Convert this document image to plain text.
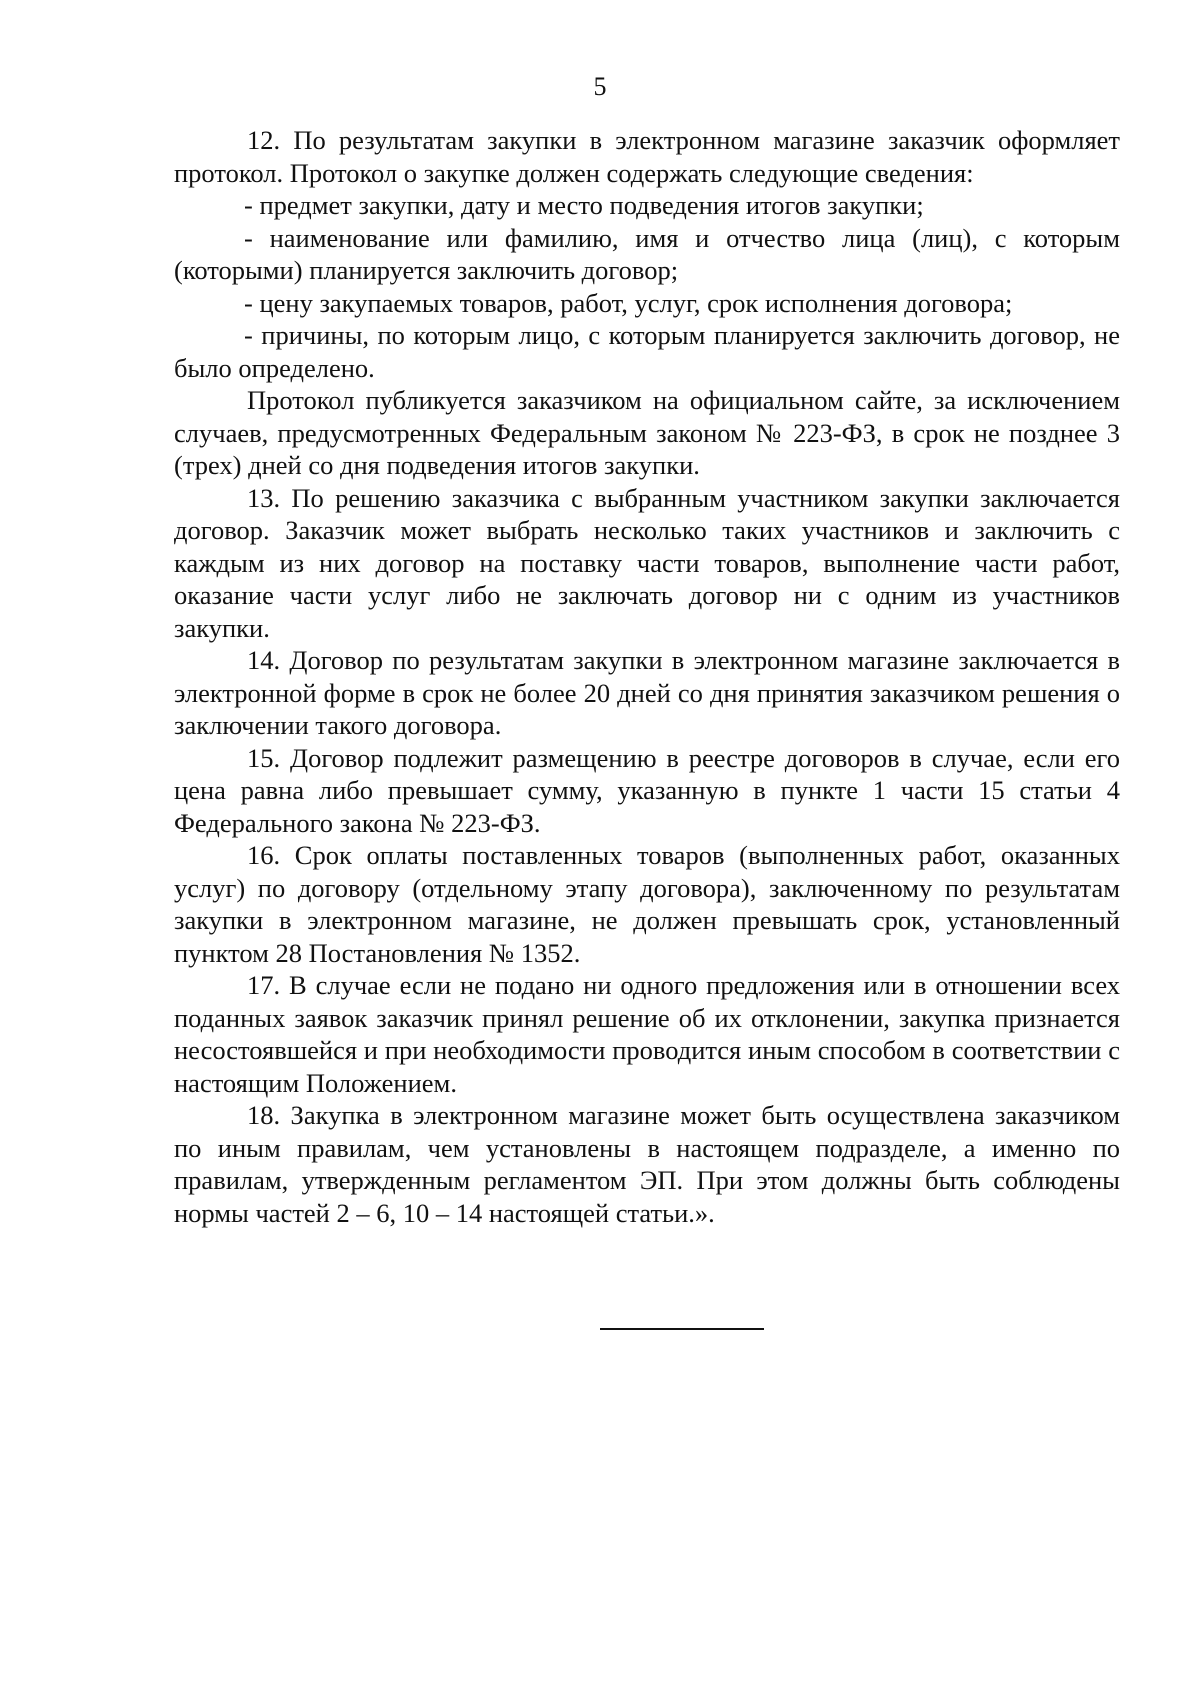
5

12. По результатам закупки в электронном магазине заказчик оформляет протокол. Протокол о закупке должен содержать следующие сведения:

- предмет закупки, дату и место подведения итогов закупки;

- наименование или фамилию, имя и отчество лица (лиц), с которым (которыми) планируется заключить договор;

- цену закупаемых товаров, работ, услуг, срок исполнения договора;

- причины, по которым лицо, с которым планируется заключить договор, не было определено.

Протокол публикуется заказчиком на официальном сайте, за исключением случаев, предусмотренных Федеральным законом № 223-ФЗ, в срок не позднее 3 (трех) дней со дня подведения итогов закупки.

13. По решению заказчика с выбранным участником закупки заключается договор. Заказчик может выбрать несколько таких участников и заключить с каждым из них договор на поставку части товаров, выполнение части работ, оказание части услуг либо не заключать договор ни с одним из участников закупки.

14. Договор по результатам закупки в электронном магазине заключается в электронной форме в срок не более 20 дней со дня принятия заказчиком решения о заключении такого договора.

15. Договор подлежит размещению в реестре договоров в случае, если его цена равна либо превышает сумму, указанную в пункте 1 части 15 статьи 4 Федерального закона № 223-ФЗ.

16. Срок оплаты поставленных товаров (выполненных работ, оказанных услуг) по договору (отдельному этапу договора), заключенному по результатам закупки в электронном магазине, не должен превышать срок, установленный пунктом 28 Постановления № 1352.

17. В случае если не подано ни одного предложения или в отношении всех поданных заявок заказчик принял решение об их отклонении, закупка признается несостоявшейся и при необходимости проводится иным способом в соответствии с настоящим Положением.

18. Закупка в электронном магазине может быть осуществлена заказчиком по иным правилам, чем установлены в настоящем подразделе, а именно по правилам, утвержденным регламентом ЭП. При этом должны быть соблюдены нормы частей 2 – 6, 10 – 14 настоящей статьи.».
